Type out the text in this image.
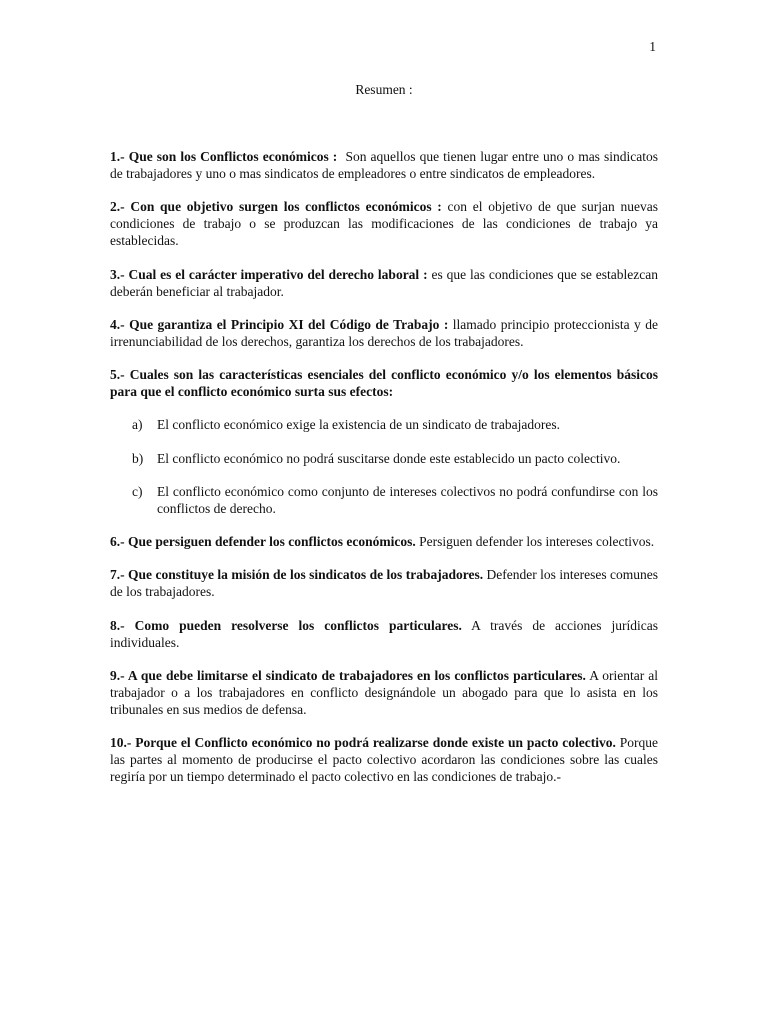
1
Resumen :

1.- Que son los Conflictos económicos : Son aquellos que tienen lugar entre uno o mas sindicatos de trabajadores y uno o mas sindicatos de empleadores o entre sindicatos de empleadores.

2.- Con que objetivo surgen los conflictos económicos : con el objetivo de que surjan nuevas condiciones de trabajo o se produzcan las modificaciones de las condiciones de trabajo ya establecidas.

3.- Cual es el carácter imperativo del derecho laboral : es que las condiciones que se establezcan deberán beneficiar al trabajador.

4.- Que garantiza el Principio XI del Código de Trabajo : llamado principio proteccionista y de irrenunciabilidad de los derechos, garantiza los derechos de los trabajadores.

5.- Cuales son las características esenciales del conflicto económico y/o los elementos básicos para que el conflicto económico surta sus efectos:

a) El conflicto económico exige la existencia de un sindicato de trabajadores.
b) El conflicto económico no podrá suscitarse donde este establecido un pacto colectivo.
c) El conflicto económico como conjunto de intereses colectivos no podrá confundirse con los conflictos de derecho.

6.- Que persiguen defender los conflictos económicos. Persiguen defender los intereses colectivos.

7.- Que constituye la misión de los sindicatos de los trabajadores. Defender los intereses comunes de los trabajadores.

8.- Como pueden resolverse los conflictos particulares. A través de acciones jurídicas individuales.

9.- A que debe limitarse el sindicato de trabajadores en los conflictos particulares. A orientar al trabajador o a los trabajadores en conflicto designándole un abogado para que lo asista en los tribunales en sus medios de defensa.

10.- Porque el Conflicto económico no podrá realizarse donde existe un pacto colectivo. Porque las partes al momento de producirse el pacto colectivo acordaron las condiciones sobre las cuales regiría por un tiempo determinado el pacto colectivo en las condiciones de trabajo.-
